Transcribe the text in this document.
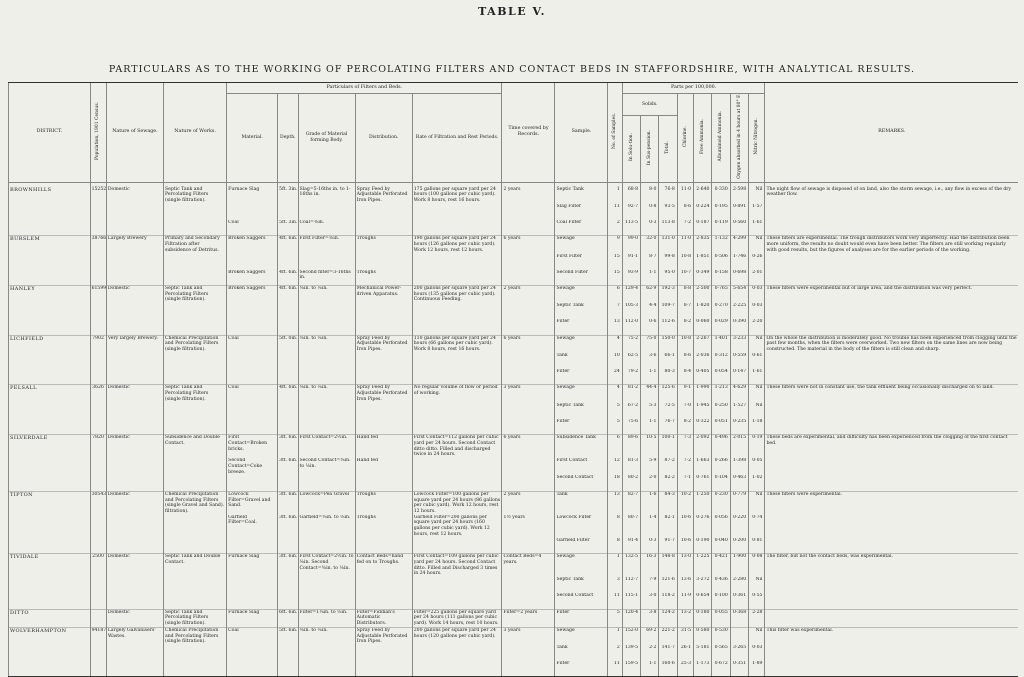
TABLE V.
PARTICULARS AS TO THE WORKING OF PERCOLATING FILTERS AND CONTACT BEDS IN STAFFORDSHIRE, WITH ANALYTICAL RESULTS.
DISTRICT.	Population, 1901 Census.	Nature of Sewage.	Nature of Works.	Particulars of Filters and Beds.					Time covered by Records.	Sample.	No. of Samples.	Parts per 100,000.								REMARKS.
				Material.	Depth.	Grade of Material forming Body.	Distribution.	Rate of Filtration and Rest Periods.				Solids.			Chlorine.	Free Ammonia.	Albuminoid Ammonia.	Oxygen absorbed in 4 hours at 80° F.	Nitric Nitrogen.	
												In Solu-tion.	In Sus-pension.	Total.						
BROWNHILLS	15252	Domestic	Septic Tank and Percolating Filters (single filtration).	Furnace Slag	5ft. 3in.	Slag=5-16ths in. to 1-16ths in.	Spray Feed by Adjustable Perforated Iron Pipes.	175 gallons per square yard per 24 hours (100 gallons per cubic yard). Work 8 hours, rest 16 hours.	2 years	Septic Tank	1	68·8	8·0	76·8	11·0	2·640	0·330	2·598	Nil	The night flow of sewage is disposed of on land, also the storm sewage, i.e., any flow in excess of the dry weather flow.
										Slag Filter	11	92·7	0·8	93·5	8·6	0·224	0·195	0·891	1·57	
				Coal	5ft. 3in.	Coal=⅜in.				Coal Filter	2	113·5	0·3	113·8	7·2	0·187	0·119	0·560	1·61	
BURSLEM	38766	Largely Brewery	Primary and Secondary Filtration after subsidence of Detritus.	Broken Saggers	4ft. 6in.	First Filter=⅜in.	Troughs	190 gallons per square yard per 24 hours (126 gallons per cubic yard). Work 12 hours, rest 12 hours.	6 years	Sewage	9	99·0	32·0	131·0	11·0	2·835	1·132	4·299	Nil	These filters are experimental. The trough distributors work very imperfectly. Had the distribution been more uniform, the results no doubt would even have been better. The filters are still working regularly with good results, but the figures of analyses are for the earlier periods of the working.
										First Filter	15	91·1	8·7	99·8	10·8	1·851	0·506	1·746	0·26	
				Broken Saggers	4ft. 6in.	Second filter=3-16ths in.	Troughs			Second Filter	15	93·9	1·1	95·0	10·7	0·349	0·158	0·698	2·01	
HANLEY	61599	Domestic	Septic Tank and Percolating Filters (single filtration).	Broken Saggers	4ft. 6in.	⅜in. to ⅛in.	Mechanical Power-driven Apparatus.	200 gallons per square yard per 24 hours (135 gallons per cubic yard). Continuous Feeding.	2 years	Sewage	6	129·4	62·9	192·3	8·8	2·500	0·765	5·654	0·03	These filters were experimental but of large area, and the distribution was very perfect.
										Septic Tank	7	105·3	4·4	109·7	8·7	1·820	0·270	2·225	0·03	
										Filter	13	112·0	0·6	112·6	8·2	0·060	0·029	0·390	2·20	
LICHFIELD	7902	Very largely Brewery.	Chemical Precipitation and Percolating Filters (single filtration).	Coal	5ft. 0in.	⅜in. to ⅛in.	Spray Feed by Adjustable Perforated Iron Pipes.	110 gallons per square yard per 24 hours (66 gallons per cubic yard). Work 8 hours, rest 16 hours.	6 years	Sewage	4	75·2	75·0	150·0	10·8	2·267	1·401	3·233	Nil	On the whole the distribution is moderately good. No trouble has been experienced from clogging until the past few months, when the filters were overworked. Two new filters on the same lines are now being constructed. The material in the body of the filters is still clean and sharp.
										Tank	10	62·5	3·6	66·1	8·6	2·036	0·312	0·559	0·61	
										Filter	24	79·2	1·1	80·3	8·4	0·405	0·054	0·147	1·61	
PELSALL	3626	Domestic	Septic Tank and Percolating Filters (single filtration).	Coal	4ft. 6in.	⅜in. to ⅛in.	Spray Feed by Adjustable Perforated Iron Pipes.	No regular volume of flow or period of working.	3 years	Sewage	4	81·2	44·4	125·6	9·1	1·990	1·213	4·629	Nil	These filters were not in constant use, the tank effluent being occasionally discharged on to land.
										Septic Tank	5	67·2	5·3	72·5	7·0	1·945	0·250	1·527	Nil	
										Filter	5	75·6	1·1	76·7	8·2	0·322	0·051	0·235	1·18	
SILVERDALE	7820	Domestic	Subsidence and Double Contact.	First Contact=Broken bricks.	3ft. 6in.	First Contact=2½in.	Hand fed	First Contact=112 gallons per cubic yard per 24 hours. Second Contact ditto ditto. Filled and discharged twice in 24 hours.	6 years	Subsidence Tank	6	89·6	10·5	100·1	7·3	2·092	0·496	2·015	0·19	These beds are experimental, and difficulty has been experienced from the clogging of the first contact bed.
				Second Contact=Coke breeze.	3ft. 6in.	Second Contact=⅜in. to ⅛in.	Hand fed			First Contact	12	81·3	5·9	87·2	7·2	1·663	0·266	1·398	0·05	
										Second Contact	18	80·2	2·0	82·2	7·1	0·761	0·104	0·463	1·02	
TIPTON	30543	Domestic	Chemical Precipitation and Percolating Filters (single Gravel and Sand). filtration).	Lowcock Filter=Gravel and Sand.	3ft. 6in.	Lowcock=Pea Gravel	Troughs	Lowcock Filter=100 gallons per square yard per 24 hours (86 gallons per cubic yard). Work 12 hours, rest 12 hours.	2 years	Tank	13	82·7	1·6	84·3	10·2	1·250	0·230	0·779	Nil	These filters were experimental.
				Garfield Filter=Coal.	3ft. 6in.	Garfield=⅜in. to ⅛in.	Troughs	Garfield Filter=200 gallons per square yard per 24 hours (160 gallons per cubic yard). Work 12 hours, rest 12 hours.	1½ years	Lowcock Filter	8	80·7	1·4	82·1	10·6	0·276	0·056	0·220	0·74	
										Garfield Filter	8	91·4	0·3	91·7	10·6	0·190	0·040	0·200	0·81	
TIVIDALE	2500	Domestic	Septic Tank and Double Contact.	Furnace Slag	3ft. 6in.	First Contact=2½in. to ⅛in. Second Contact=⅜in. to ⅛in.	Contact Beds=hand fed on to Troughs.	First Contact=109 gallons per cubic yard per 24 hours. Second Contact ditto. Filled and Discharged 3 times in 24 hours.	Contact Beds=4 years.	Sewage	1	132·5	16·3	148·8	13·0	1·225	0·421	1·900	0·08	The filter, but not the contact beds, was experimental.
										Septic Tank	3	112·7	7·9	121·6	13·6	3·272	0·436	2·280	Nil	
										Second Contact	11	115·1	3·0	118·2	11·9	0·654	0·100	0·361	0·55	
DITTO		Domestic	Septic Tank and Percolating Filters (single filtration).	Furnace Slag	6ft. 6in.	Filter=1¼in. to ⅛in.	Filter=Fiddian's Automatic Distributors.	Filter=225 gallons per square yard per 24 hours (111 gallons per cubic yard). Work 14 hours, rest 10 hours.	Filter=2 years	Filter	5	120·4	3·8	124·2	13·2	0·180	0·055	0·368	2·28	
WOLVERHAMPTON	94187	Largely Galvanisers' Wastes.	Chemical Precipitation and Percolating Filters (single filtration).	Coal	5ft. 6in.	⅜in. to ⅛in.	Spray Feed by Adjustable Perforated Iron Pipes.	200 gallons per square yard per 24 hours (120 gallons per cubic yard).	3 years	Sewage	1	152·0	69·2	221·2	31·5	0·580	0·530		Nil	This filter was experimental.
										Tank	2	139·5	2·2	141·7	26·1	5·181	0·565	3·265	0·03	
										Filter	11	159·5	1·1	160·6	25·3	1·173	0·672	0·351	1·89	
